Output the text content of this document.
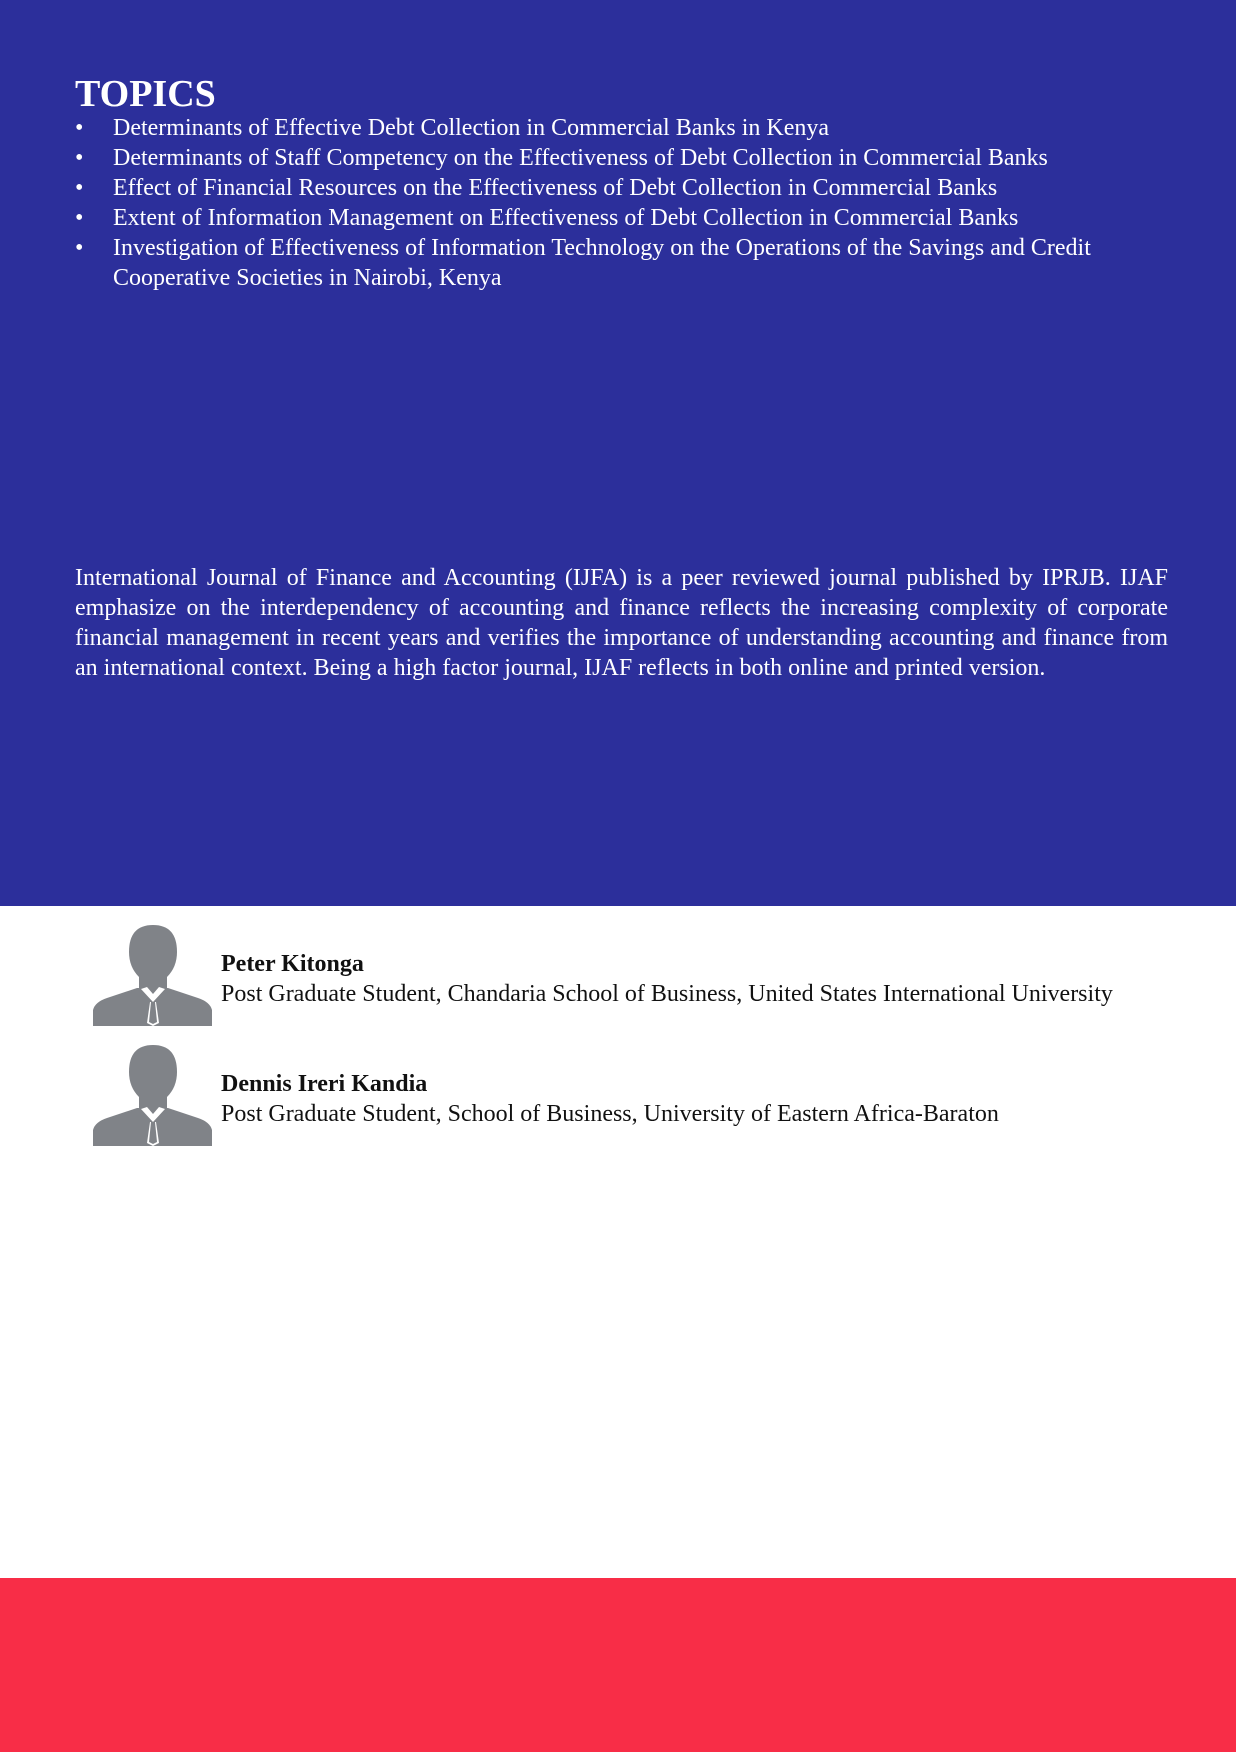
TOPICS
•	Determinants of Effective Debt Collection in Commercial Banks in Kenya
•	Determinants of Staff Competency on the Effectiveness of Debt Collection in Commercial Banks
•	Effect of Financial Resources on the Effectiveness of Debt Collection in Commercial Banks
•	Extent of Information Management on Effectiveness of Debt Collection in Commercial Banks
•	Investigation of Effectiveness of Information Technology on the Operations of the Savings and Credit Cooperative Societies in Nairobi, Kenya

International Journal of Finance and Accounting (IJFA) is a peer reviewed journal published by IPRJB. IJAF emphasize on the interdependency of accounting and finance reflects the increasing complexity of corporate financial management in recent years and verifies the importance of understanding accounting and finance from an international context. Being a high factor journal, IJAF reflects in both online and printed version.

Peter Kitonga
Post Graduate Student, Chandaria School of Business, United States International University
Dennis Ireri Kandia
Post Graduate Student, School of Business, University of Eastern Africa-Baraton
